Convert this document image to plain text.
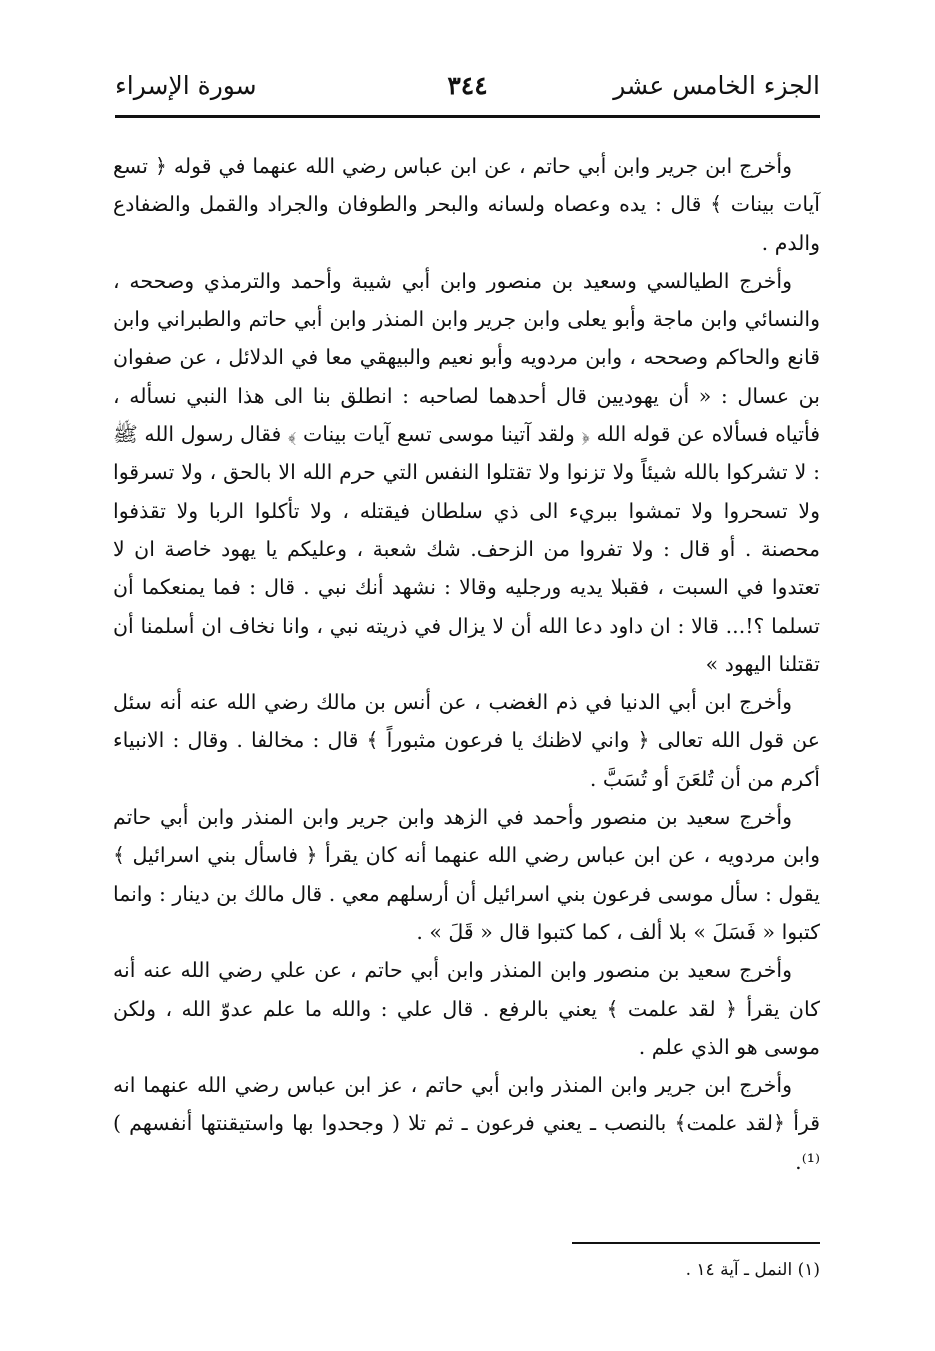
الجزء الخامس عشر
٣٤٤
سورة الإسراء

وأخرج ابن جرير وابن أبي حاتم ، عن ابن عباس رضي الله عنهما في قوله ﴿ تسع آيات بينات ﴾ قال : يده وعصاه ولسانه والبحر والطوفان والجراد والقمل والضفادع والدم .

وأخرج الطيالسي وسعيد بن منصور وابن أبي شيبة وأحمد والترمذي وصححه ، والنسائي وابن ماجة وأبو يعلى وابن جرير وابن المنذر وابن أبي حاتم والطبراني وابن قانع والحاكم وصححه ، وابن مردويه وأبو نعيم والبيهقي معا في الدلائل ، عن صفوان بن عسال : « أن يهوديين قال أحدهما لصاحبه : انطلق بنا الى هذا النبي نسأله ، فأتياه فسألاه عن قوله الله ﴿ ولقد آتينا موسى تسع آيات بينات ﴾ فقال رسول الله ﷺ : لا تشركوا بالله شيئاً ولا تزنوا ولا تقتلوا النفس التي حرم الله الا بالحق ، ولا تسرقوا ولا تسحروا ولا تمشوا ببريء الى ذي سلطان فيقتله ، ولا تأكلوا الربا ولا تقذفوا محصنة . أو قال : ولا تفروا من الزحف. شك شعبة ، وعليكم يا يهود خاصة ان لا تعتدوا في السبت ، فقبلا يديه ورجليه وقالا : نشهد أنك نبي . قال : فما يمنعكما أن تسلما ؟!... قالا : ان داود دعا الله أن لا يزال في ذريته نبي ، وانا نخاف ان أسلمنا أن تقتلنا اليهود »

وأخرج ابن أبي الدنيا في ذم الغضب ، عن أنس بن مالك رضي الله عنه أنه سئل عن قول الله تعالى ﴿ واني لاظنك يا فرعون مثبوراً ﴾ قال : مخالفا . وقال : الانبياء أكرم من أن تُلعَنَ أو تُسَبَّ .

وأخرج سعيد بن منصور وأحمد في الزهد وابن جرير وابن المنذر وابن أبي حاتم وابن مردويه ، عن ابن عباس رضي الله عنهما أنه كان يقرأ ﴿ فاسأل بني اسرائيل ﴾ يقول : سأل موسى فرعون بني اسرائيل أن أرسلهم معي . قال مالك بن دينار : وانما كتبوا « فَسَلَ » بلا ألف ، كما كتبوا قال « قَلَ » .

وأخرج سعيد بن منصور وابن المنذر وابن أبي حاتم ، عن علي رضي الله عنه أنه كان يقرأ ﴿ لقد علمت ﴾ يعني بالرفع . قال علي : والله ما علم عدوّ الله ، ولكن موسى هو الذي علم .

وأخرج ابن جرير وابن المنذر وابن أبي حاتم ، عز ابن عباس رضي الله عنهما انه قرأ ﴿لقد علمت﴾ بالنصب ـ يعني فرعون ـ ثم تلا ( وجحدوا بها واستيقنتها أنفسهم )⁽¹⁾.

(١) النمل ـ آية ١٤ .
